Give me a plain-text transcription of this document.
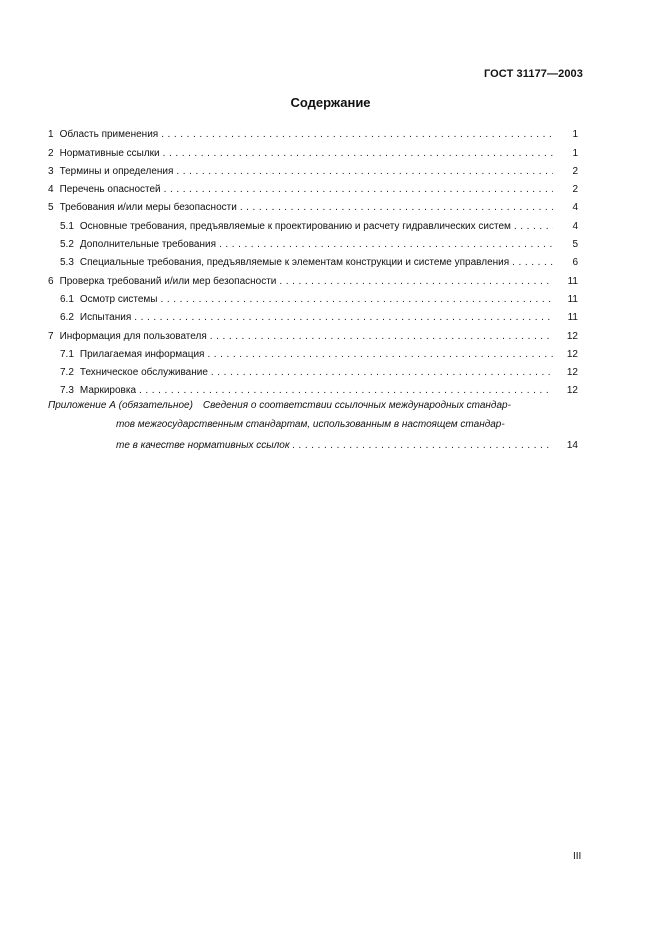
ГОСТ 31177—2003
Содержание
1 Область применения . . .	1
2 Нормативные ссылки . . .	1
3 Термины и определения . . .	2
4 Перечень опасностей . . .	2
5 Требования и/или меры безопасности . . .	4
5.1 Основные требования, предъявляемые к проектированию и расчету гидравлических систем . . .	4
5.2 Дополнительные требования . . .	5
5.3 Специальные требования, предъявляемые к элементам конструкции и системе управления . . .	6
6 Проверка требований и/или мер безопасности . . .	11
6.1 Осмотр системы . . .	11
6.2 Испытания . . .	11
7 Информация для пользователя . . .	12
7.1 Прилагаемая информация . . .	12
7.2 Техническое обслуживание . . .	12
7.3 Маркировка . . .	12
Приложение А (обязательное) Сведения о соответствии ссылочных международных стандар-
тов межгосударственным стандартам, использованным в настоящем стандар-
те в качестве нормативных ссылок . . .	14
III
